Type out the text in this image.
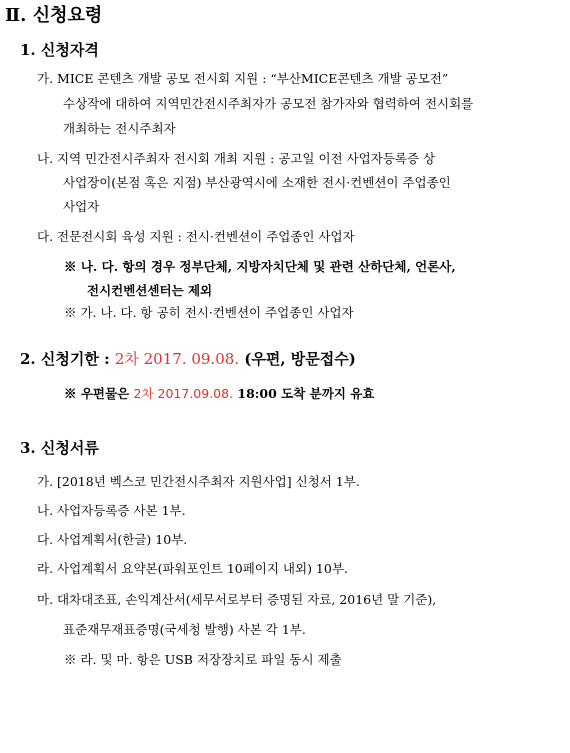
Ⅱ. 신청요령
1. 신청자격
가. MICE 콘텐츠 개발 공모 전시회 지원 : “부산MICE콘텐츠 개발 공모전”
수상작에 대하여 지역민간전시주최자가 공모전 참가자와 협력하여 전시회를
개최하는 전시주최자
나. 지역 민간전시주최자 전시회 개최 지원 : 공고일 이전 사업자등록증 상
사업장이(본점 혹은 지점) 부산광역시에 소재한 전시·컨벤션이 주업종인
사업자
다. 전문전시회 육성 지원 : 전시·컨벤션이 주업종인 사업자
※ 나. 다. 항의 경우 정부단체, 지방자치단체 및 관련 산하단체, 언론사,
전시컨벤션센터는 제외
※ 가. 나. 다. 항 공히 전시·컨벤션이 주업종인 사업자
2. 신청기한 : 2차 2017. 09.08. (우편, 방문접수)
※ 우편물은 2차 2017.09.08. 18:00 도착 분까지 유효
3. 신청서류
가. [2018년 벡스코 민간전시주최자 지원사업] 신청서 1부.
나. 사업자등록증 사본 1부.
다. 사업계획서(한글) 10부.
라. 사업계획서 요약본(파워포인트 10페이지 내외) 10부.
마. 대차대조표, 손익계산서(세무서로부터 증명된 자료, 2016년 말 기준),
표준재무재표증명(국세청 발행) 사본 각 1부.
※ 라. 및 마. 항은 USB 저장장치로 파일 동시 제출
